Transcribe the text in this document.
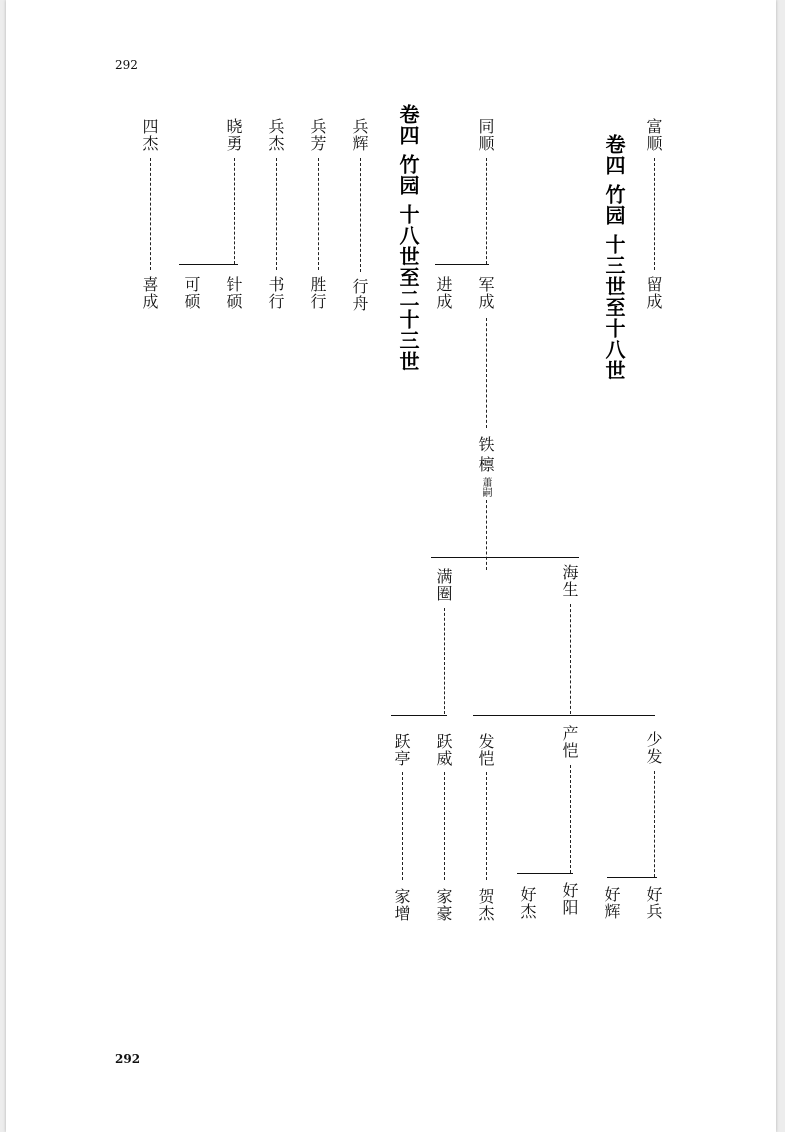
292
292
卷四 竹园 十三世至十八世 富顺
留成
同顺
进成 军成
铁
檩
蕭嗣
满圈
跃亭
家增
跃威
家豪
海生
发恺
贺杰
产恺
好杰 好阳
少发
好辉 好兵
卷四 竹园 十八世至二十三世
兵辉
行舟
兵芳
胜行
兵杰
书行
晓勇
可硕 针硕
四杰
喜成
